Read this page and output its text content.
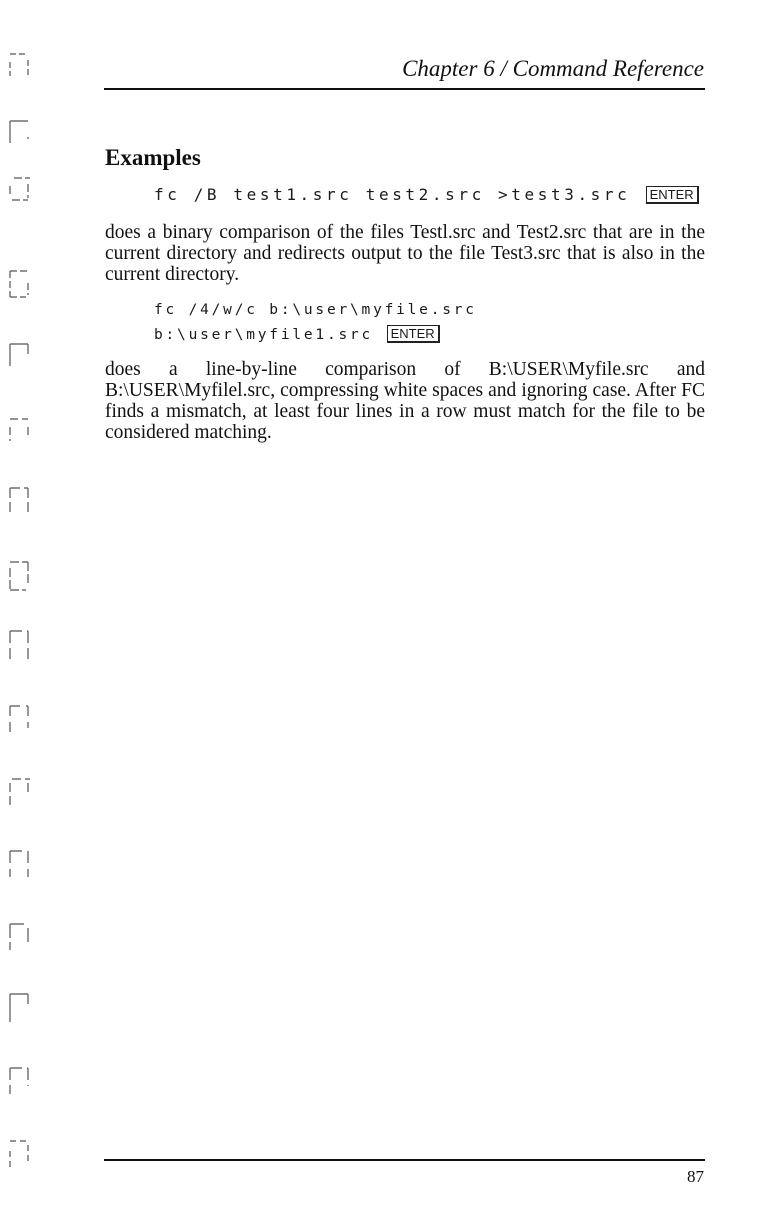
Chapter 6 / Command Reference
Examples
fc /B test1.src test2.src >test3.src ENTER

does a binary comparison of the files Testl.src and Test2.src that are in the current directory and redirects output to the file Test3.src that is also in the current directory.

fc /4/w/c b:\user\myfile.src
b:\user\myfile1.src ENTER

does a line-by-line comparison of B:\USER\Myfile.src and B:\USER\Myfilel.src, compressing white spaces and ignoring case. After FC finds a mismatch, at least four lines in a row must match for the file to be considered matching.

87
